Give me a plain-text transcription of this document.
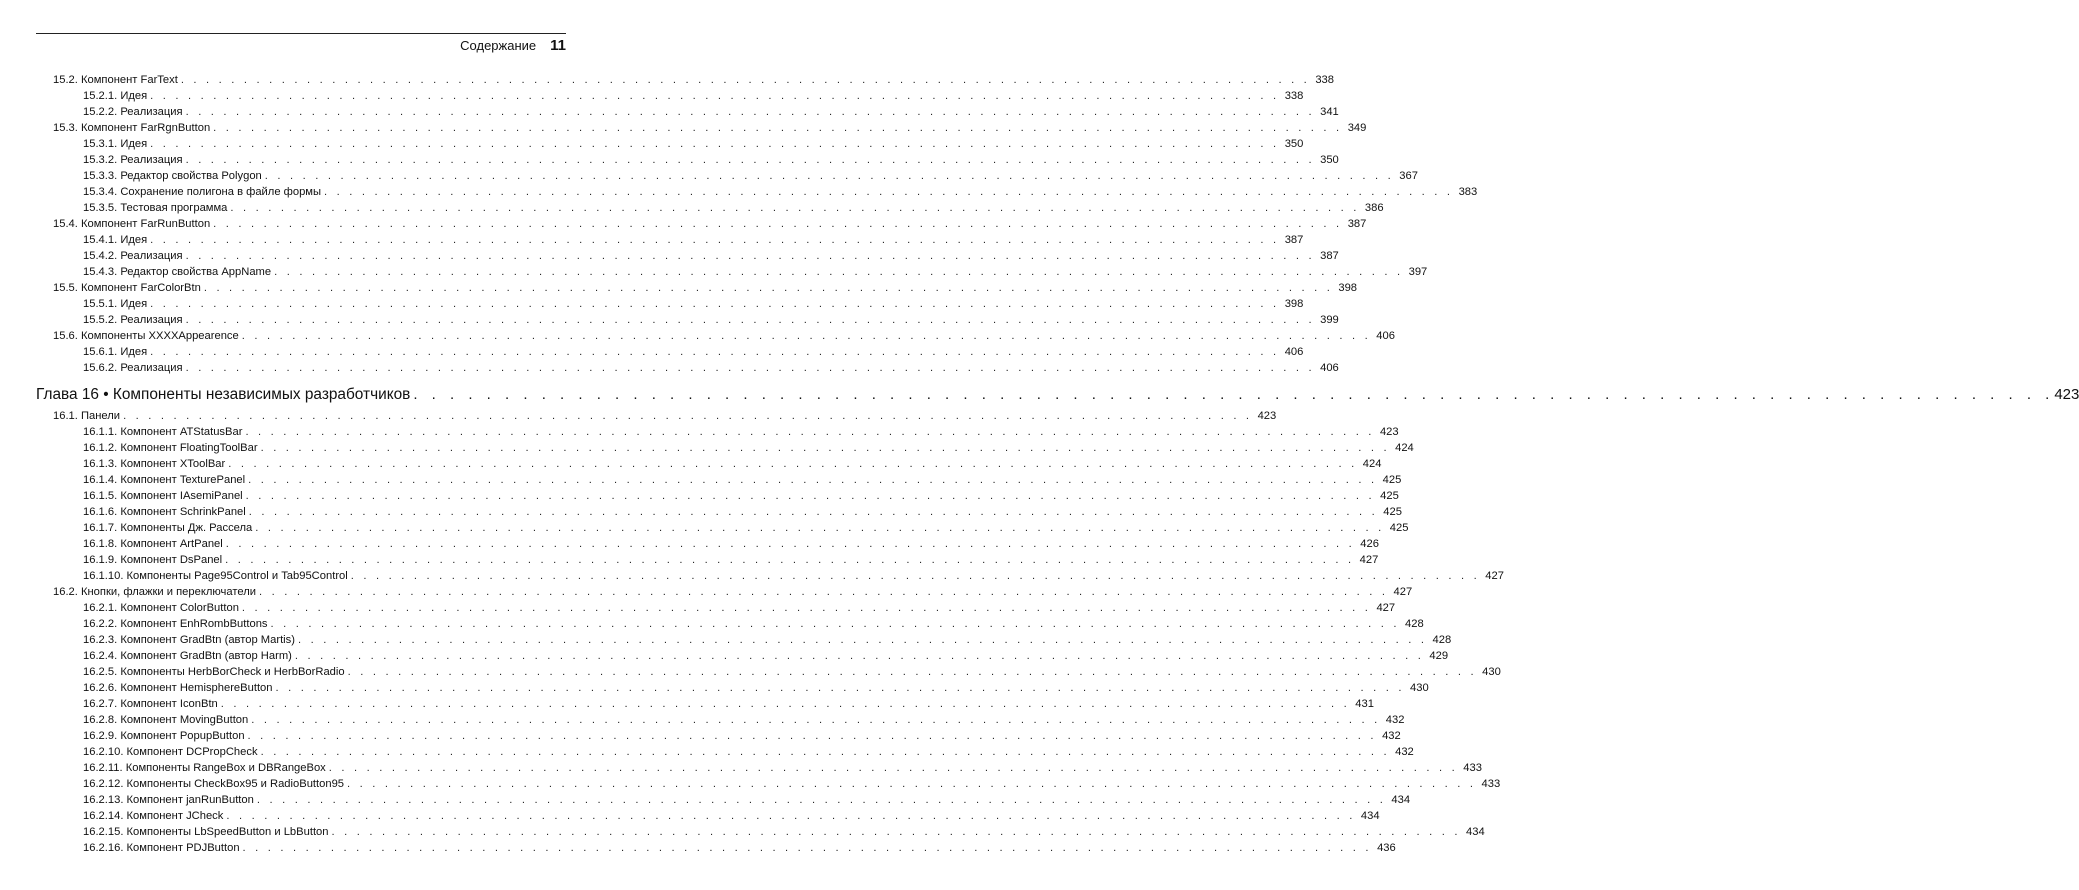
Содержание 11
15.2. Компонент FarText . . . . . . . . . . . . . . . . . . . . . . . . . . . . . . . . . . . . . . . . . . . . . . . . . . . . . . . . . . . . . . . . . . . . . . . . . . . . . . . . . . . . . . . . . . 338
15.2.1. Идея . . . . . . . . . . . . . . . . . . . . . . . . . . . . . . . . . . . . . . . . . . . . . . . . . . . . . . . . . . . . . . . . . . . . . . . . . . . . . . . . . . . . . . . . . . 338
15.2.2. Реализация . . . . . . . . . . . . . . . . . . . . . . . . . . . . . . . . . . . . . . . . . . . . . . . . . . . . . . . . . . . . . . . . . . . . . . . . . . . . . . . . . . . . . . . . . . 341
15.3. Компонент FarRgnButton . . . . . . . . . . . . . . . . . . . . . . . . . . . . . . . . . . . . . . . . . . . . . . . . . . . . . . . . . . . . . . . . . . . . . . . . . . . . . . . . . . . . . . . . . . 349
15.3.1. Идея . . . . . . . . . . . . . . . . . . . . . . . . . . . . . . . . . . . . . . . . . . . . . . . . . . . . . . . . . . . . . . . . . . . . . . . . . . . . . . . . . . . . . . . . . . 350
15.3.2. Реализация . . . . . . . . . . . . . . . . . . . . . . . . . . . . . . . . . . . . . . . . . . . . . . . . . . . . . . . . . . . . . . . . . . . . . . . . . . . . . . . . . . . . . . . . . . 350
15.3.3. Редактор свойства Polygon . . . . . . . . . . . . . . . . . . . . . . . . . . . . . . . . . . . . . . . . . . . . . . . . . . . . . . . . . . . . . . . . . . . . . . . . . . . . . . . . . . . . . . . . . . 367
15.3.4. Сохранение полигона в файле формы . . . . . . . . . . . . . . . . . . . . . . . . . . . . . . . . . . . . . . . . . . . . . . . . . . . . . . . . . . . . . . . . . . . . . . . . . . . . . . . . . . . . . . . . . . 383
15.3.5. Тестовая программа . . . . . . . . . . . . . . . . . . . . . . . . . . . . . . . . . . . . . . . . . . . . . . . . . . . . . . . . . . . . . . . . . . . . . . . . . . . . . . . . . . . . . . . . . . 386
15.4. Компонент FarRunButton . . . . . . . . . . . . . . . . . . . . . . . . . . . . . . . . . . . . . . . . . . . . . . . . . . . . . . . . . . . . . . . . . . . . . . . . . . . . . . . . . . . . . . . . . . 387
15.4.1. Идея . . . . . . . . . . . . . . . . . . . . . . . . . . . . . . . . . . . . . . . . . . . . . . . . . . . . . . . . . . . . . . . . . . . . . . . . . . . . . . . . . . . . . . . . . . 387
15.4.2. Реализация . . . . . . . . . . . . . . . . . . . . . . . . . . . . . . . . . . . . . . . . . . . . . . . . . . . . . . . . . . . . . . . . . . . . . . . . . . . . . . . . . . . . . . . . . . 387
15.4.3. Редактор свойства AppName . . . . . . . . . . . . . . . . . . . . . . . . . . . . . . . . . . . . . . . . . . . . . . . . . . . . . . . . . . . . . . . . . . . . . . . . . . . . . . . . . . . . . . . . . . 397
15.5. Компонент FarColorBtn . . . . . . . . . . . . . . . . . . . . . . . . . . . . . . . . . . . . . . . . . . . . . . . . . . . . . . . . . . . . . . . . . . . . . . . . . . . . . . . . . . . . . . . . . . 398
15.5.1. Идея . . . . . . . . . . . . . . . . . . . . . . . . . . . . . . . . . . . . . . . . . . . . . . . . . . . . . . . . . . . . . . . . . . . . . . . . . . . . . . . . . . . . . . . . . . 398
15.5.2. Реализация . . . . . . . . . . . . . . . . . . . . . . . . . . . . . . . . . . . . . . . . . . . . . . . . . . . . . . . . . . . . . . . . . . . . . . . . . . . . . . . . . . . . . . . . . . 399
15.6. Компоненты XXXXAppearence . . . . . . . . . . . . . . . . . . . . . . . . . . . . . . . . . . . . . . . . . . . . . . . . . . . . . . . . . . . . . . . . . . . . . . . . . . . . . . . . . . . . . . . . . . 406
15.6.1. Идея . . . . . . . . . . . . . . . . . . . . . . . . . . . . . . . . . . . . . . . . . . . . . . . . . . . . . . . . . . . . . . . . . . . . . . . . . . . . . . . . . . . . . . . . . . 406
15.6.2. Реализация . . . . . . . . . . . . . . . . . . . . . . . . . . . . . . . . . . . . . . . . . . . . . . . . . . . . . . . . . . . . . . . . . . . . . . . . . . . . . . . . . . . . . . . . . . 406
Глава 16 • Компоненты независимых разработчиков . . . . . . . . . . . . . . . . . . . . . . . . . . . . . . . . . . . . . . . . . . . . . . . . . . . . . . . . . . . . . . . . . . . . . . . . . . . . . . . . . . . . . . . . . . 423
16.1. Панели . . . . . . . . . . . . . . . . . . . . . . . . . . . . . . . . . . . . . . . . . . . . . . . . . . . . . . . . . . . . . . . . . . . . . . . . . . . . . . . . . . . . . . . . . . 423
16.1.1. Компонент ATStatusBar . . . . . . . . . . . . . . . . . . . . . . . . . . . . . . . . . . . . . . . . . . . . . . . . . . . . . . . . . . . . . . . . . . . . . . . . . . . . . . . . . . . . . . . . . . 423
16.1.2. Компонент FloatingToolBar . . . . . . . . . . . . . . . . . . . . . . . . . . . . . . . . . . . . . . . . . . . . . . . . . . . . . . . . . . . . . . . . . . . . . . . . . . . . . . . . . . . . . . . . . . 424
16.1.3. Компонент XToolBar . . . . . . . . . . . . . . . . . . . . . . . . . . . . . . . . . . . . . . . . . . . . . . . . . . . . . . . . . . . . . . . . . . . . . . . . . . . . . . . . . . . . . . . . . . 424
16.1.4. Компонент TexturePanel . . . . . . . . . . . . . . . . . . . . . . . . . . . . . . . . . . . . . . . . . . . . . . . . . . . . . . . . . . . . . . . . . . . . . . . . . . . . . . . . . . . . . . . . . . 425
16.1.5. Компонент IAsemiPanel . . . . . . . . . . . . . . . . . . . . . . . . . . . . . . . . . . . . . . . . . . . . . . . . . . . . . . . . . . . . . . . . . . . . . . . . . . . . . . . . . . . . . . . . . . 425
16.1.6. Компонент SchrinkPanel . . . . . . . . . . . . . . . . . . . . . . . . . . . . . . . . . . . . . . . . . . . . . . . . . . . . . . . . . . . . . . . . . . . . . . . . . . . . . . . . . . . . . . . . . . 425
16.1.7. Компоненты Дж. Рассела . . . . . . . . . . . . . . . . . . . . . . . . . . . . . . . . . . . . . . . . . . . . . . . . . . . . . . . . . . . . . . . . . . . . . . . . . . . . . . . . . . . . . . . . . . 425
16.1.8. Компонент ArtPanel . . . . . . . . . . . . . . . . . . . . . . . . . . . . . . . . . . . . . . . . . . . . . . . . . . . . . . . . . . . . . . . . . . . . . . . . . . . . . . . . . . . . . . . . . . 426
16.1.9. Компонент DsPanel . . . . . . . . . . . . . . . . . . . . . . . . . . . . . . . . . . . . . . . . . . . . . . . . . . . . . . . . . . . . . . . . . . . . . . . . . . . . . . . . . . . . . . . . . . 427
16.1.10. Компоненты Page95Control и Tab95Control . . . . . . . . . . . . . . . . . . . . . . . . . . . . . . . . . . . . . . . . . . . . . . . . . . . . . . . . . . . . . . . . . . . . . . . . . . . . . . . . . . . . . . . . . . 427
16.2. Кнопки, флажки и переключатели . . . . . . . . . . . . . . . . . . . . . . . . . . . . . . . . . . . . . . . . . . . . . . . . . . . . . . . . . . . . . . . . . . . . . . . . . . . . . . . . . . . . . . . . . . 427
16.2.1. Компонент ColorButton . . . . . . . . . . . . . . . . . . . . . . . . . . . . . . . . . . . . . . . . . . . . . . . . . . . . . . . . . . . . . . . . . . . . . . . . . . . . . . . . . . . . . . . . . . 427
16.2.2. Компонент EnhRombButtons . . . . . . . . . . . . . . . . . . . . . . . . . . . . . . . . . . . . . . . . . . . . . . . . . . . . . . . . . . . . . . . . . . . . . . . . . . . . . . . . . . . . . . . . . . 428
16.2.3. Компонент GradBtn (автор Martis) . . . . . . . . . . . . . . . . . . . . . . . . . . . . . . . . . . . . . . . . . . . . . . . . . . . . . . . . . . . . . . . . . . . . . . . . . . . . . . . . . . . . . . . . . . 428
16.2.4. Компонент GradBtn (автор Harm) . . . . . . . . . . . . . . . . . . . . . . . . . . . . . . . . . . . . . . . . . . . . . . . . . . . . . . . . . . . . . . . . . . . . . . . . . . . . . . . . . . . . . . . . . . 429
16.2.5. Компоненты HerbBorCheck и HerbBorRadio . . . . . . . . . . . . . . . . . . . . . . . . . . . . . . . . . . . . . . . . . . . . . . . . . . . . . . . . . . . . . . . . . . . . . . . . . . . . . . . . . . . . . . . . . . 430
16.2.6. Компонент HemisphereButton . . . . . . . . . . . . . . . . . . . . . . . . . . . . . . . . . . . . . . . . . . . . . . . . . . . . . . . . . . . . . . . . . . . . . . . . . . . . . . . . . . . . . . . . . . 430
16.2.7. Компонент IconBtn . . . . . . . . . . . . . . . . . . . . . . . . . . . . . . . . . . . . . . . . . . . . . . . . . . . . . . . . . . . . . . . . . . . . . . . . . . . . . . . . . . . . . . . . . . 431
16.2.8. Компонент MovingButton . . . . . . . . . . . . . . . . . . . . . . . . . . . . . . . . . . . . . . . . . . . . . . . . . . . . . . . . . . . . . . . . . . . . . . . . . . . . . . . . . . . . . . . . . . 432
16.2.9. Компонент PopupButton . . . . . . . . . . . . . . . . . . . . . . . . . . . . . . . . . . . . . . . . . . . . . . . . . . . . . . . . . . . . . . . . . . . . . . . . . . . . . . . . . . . . . . . . . . 432
16.2.10. Компонент DCPropCheck . . . . . . . . . . . . . . . . . . . . . . . . . . . . . . . . . . . . . . . . . . . . . . . . . . . . . . . . . . . . . . . . . . . . . . . . . . . . . . . . . . . . . . . . . . 432
16.2.11. Компоненты RangeBox и DBRangeBox . . . . . . . . . . . . . . . . . . . . . . . . . . . . . . . . . . . . . . . . . . . . . . . . . . . . . . . . . . . . . . . . . . . . . . . . . . . . . . . . . . . . . . . . . . 433
16.2.12. Компоненты CheckBox95 и RadioButton95 . . . . . . . . . . . . . . . . . . . . . . . . . . . . . . . . . . . . . . . . . . . . . . . . . . . . . . . . . . . . . . . . . . . . . . . . . . . . . . . . . . . . . . . . . . 433
16.2.13. Компонент janRunButton . . . . . . . . . . . . . . . . . . . . . . . . . . . . . . . . . . . . . . . . . . . . . . . . . . . . . . . . . . . . . . . . . . . . . . . . . . . . . . . . . . . . . . . . . . 434
16.2.14. Компонент JCheck . . . . . . . . . . . . . . . . . . . . . . . . . . . . . . . . . . . . . . . . . . . . . . . . . . . . . . . . . . . . . . . . . . . . . . . . . . . . . . . . . . . . . . . . . . 434
16.2.15. Компоненты LbSpeedButton и LbButton . . . . . . . . . . . . . . . . . . . . . . . . . . . . . . . . . . . . . . . . . . . . . . . . . . . . . . . . . . . . . . . . . . . . . . . . . . . . . . . . . . . . . . . . . . 434
16.2.16. Компонент PDJButton . . . . . . . . . . . . . . . . . . . . . . . . . . . . . . . . . . . . . . . . . . . . . . . . . . . . . . . . . . . . . . . . . . . . . . . . . . . . . . . . . . . . . . . . . . 436
